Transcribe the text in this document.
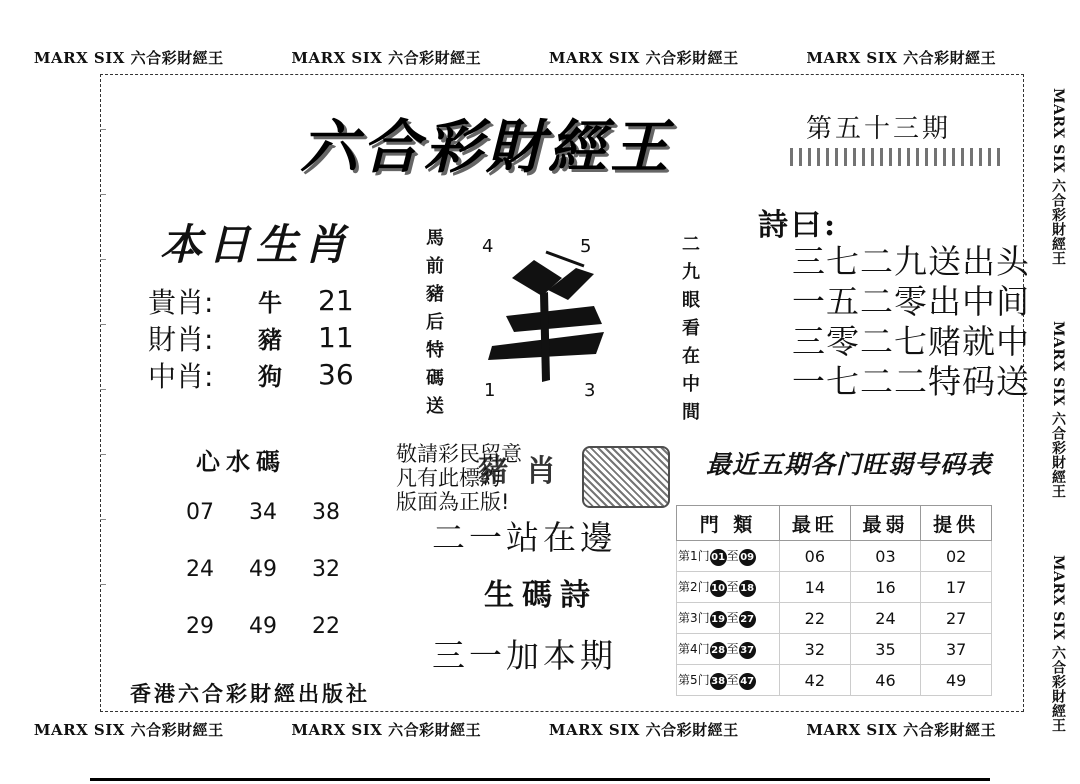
MARX SIX 六合彩財經王	MARX SIX 六合彩財經王	MARX SIX 六合彩財經王	MARX SIX 六合彩財經王
MARX SIX 六合彩財經王	MARX SIX 六合彩財經王	MARX SIX 六合彩財經王	MARX SIX 六合彩財經王
MARX SIX 六合彩財經王
MARX SIX 六合彩財經王
MARX SIX 六合彩財經王
六合彩財經王	第五十三期
本日生肖
貴肖:	牛	21
財肖:	豬	11
中肖:	狗	36	馬前豬后特碼送	二九眼看在中間
4	5
1	3
詩曰:
三七二九送出头
一五二零出中间
三零二七赌就中
一七二二特码送
心水碼
07	34	38
24	49	32
29	49	22
敬請彩民留意
凡有此標約
版面為正版!
豬肖
二一站在邊
生碼詩
三一加本期
最近五期各门旺弱号码表
門 類	最旺	最弱	提供
第1门 01 至 09	06	03	02
第2门 10 至 18	14	16	17
第3门 19 至 27	22	24	27
第4门 28 至 37	32	35	37
第5门 38 至 47	42	46	49
香港六合彩財經出版社
